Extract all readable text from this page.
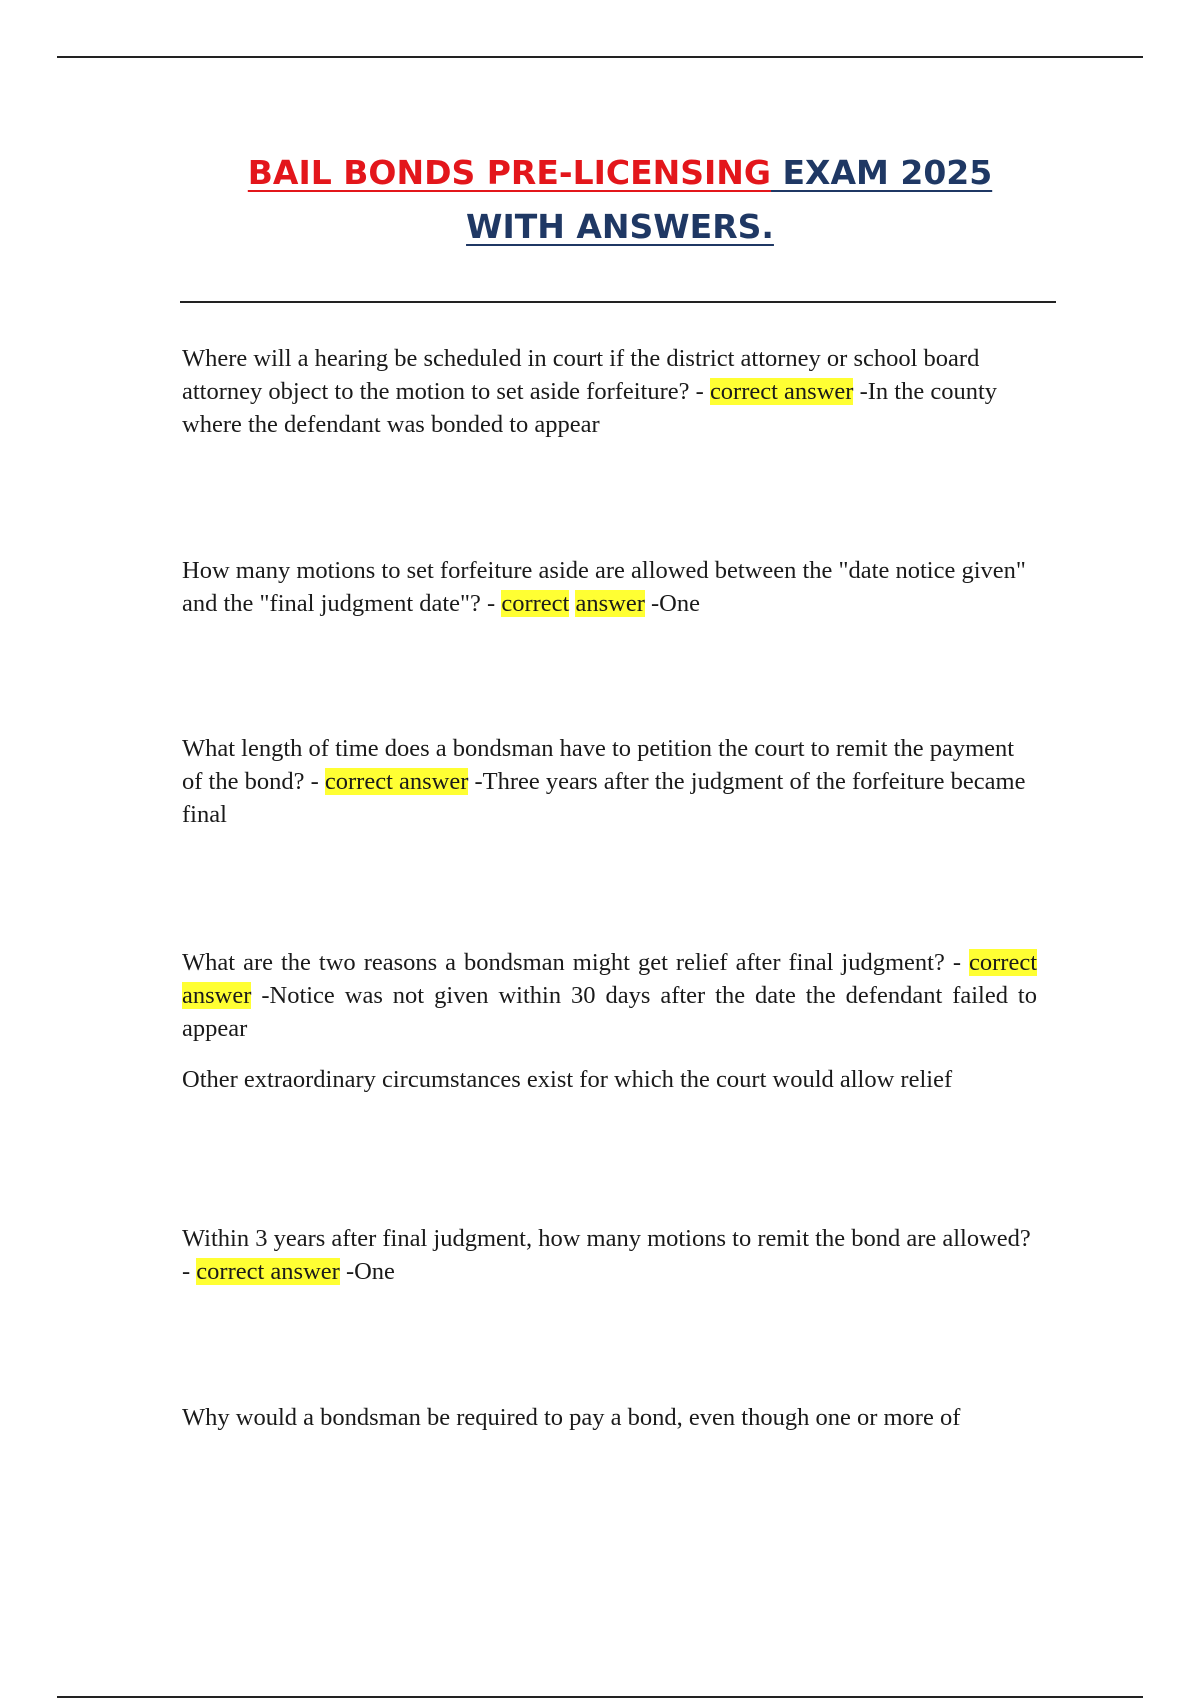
BAIL BONDS PRE-LICENSING EXAM 2025
WITH ANSWERS.

Where will a hearing be scheduled in court if the district attorney or school board attorney object to the motion to set aside forfeiture? - correct answer -In the county where the defendant was bonded to appear

How many motions to set forfeiture aside are allowed between the "date notice given" and the "final judgment date"? - correct answer -One

What length of time does a bondsman have to petition the court to remit the payment of the bond? - correct answer -Three years after the judgment of the forfeiture became final

What are the two reasons a bondsman might get relief after final judgment? - correct answer -Notice was not given within 30 days after the date the defendant failed to appear

Other extraordinary circumstances exist for which the court would allow relief

Within 3 years after final judgment, how many motions to remit the bond are allowed? - correct answer -One

Why would a bondsman be required to pay a bond, even though one or more of
